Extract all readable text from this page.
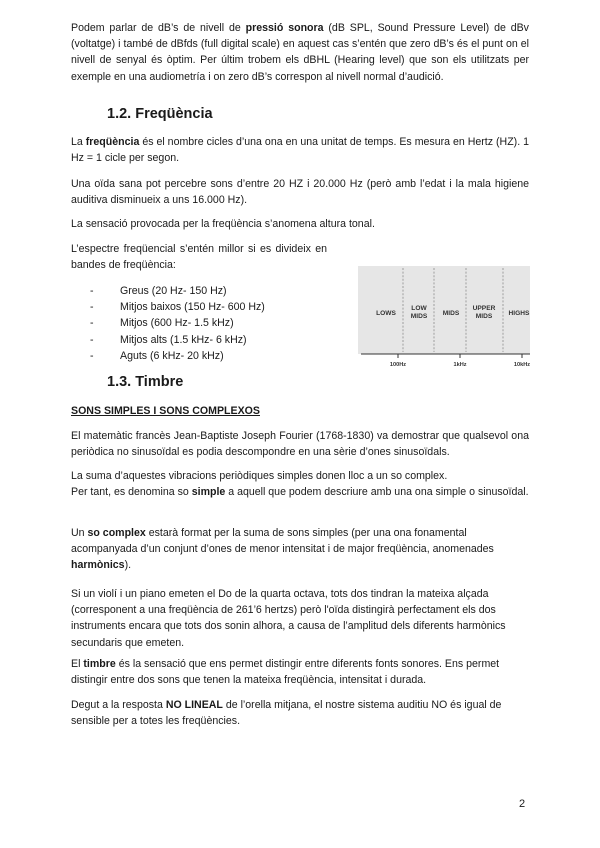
Podem parlar de dB’s de nivell de pressió sonora (dB SPL, Sound Pressure Level) de dBv (voltatge) i també de dBfds (full digital scale) en aquest cas s’entén que zero dB’s és el punt on el nivell de senyal és òptim. Per últim trobem els dBHL (Hearing level) que son els utilitzats per exemple en una audiometría i on zero dB’s correspon al nivell normal d’audició.

1.2. Freqüència

La freqüència és el nombre cicles d’una ona en una unitat de temps. Es mesura en Hertz (HZ). 1 Hz = 1 cicle per segon.

Una oïda sana pot percebre sons d’entre 20 HZ i 20.000 Hz (però amb l’edat i la mala higiene auditiva disminueix a uns 16.000 Hz).

La sensació provocada per la freqüència s’anomena altura tonal.

L’espectre freqüencial s’entén millor si es divideix en bandes de freqüència:

- Greus (20 Hz- 150 Hz)
- Mitjos baixos (150 Hz- 600 Hz)
- Mitjos (600 Hz- 1.5 kHz)
- Mitjos alts (1.5 kHz- 6 kHz)
- Aguts (6 kHz- 20 kHz)
LOWS
LOW
MIDS MIDS
UPPER
MIDS HIGHS
100Hz	1kHz	10kHz
1.3. Timbre
SONS SIMPLES I SONS COMPLEXOS

El matemàtic francès Jean-Baptiste Joseph Fourier (1768-1830) va demostrar que qualsevol ona periòdica no sinusoïdal es podia descompondre en una sèrie d’ones sinusoïdals.

La suma d’aquestes vibracions periòdiques simples donen lloc a un so complex.
Per tant, es denomina so simple a aquell que podem descriure amb una ona simple o sinusoïdal.

Un so complex estarà format per la suma de sons simples (per una ona fonamental acompanyada d’un conjunt d’ones de menor intensitat i de major freqüència, anomenades harmònics).

Si un violí i un piano emeten el Do de la quarta octava, tots dos tindran la mateixa alçada (corresponent a una freqüència de 261’6 hertzs) però l'oïda distingirà perfectament els dos instruments encara que tots dos sonin alhora, a causa de l’amplitud dels diferents harmònics secundaris que emeten.

El timbre és la sensació que ens permet distingir entre diferents fonts sonores. Ens permet distingir entre dos sons que tenen la mateixa freqüència, intensitat i durada.

Degut a la resposta NO LINEAL de l’orella mitjana, el nostre sistema auditiu NO és igual de sensible per a totes les freqüències.

2
